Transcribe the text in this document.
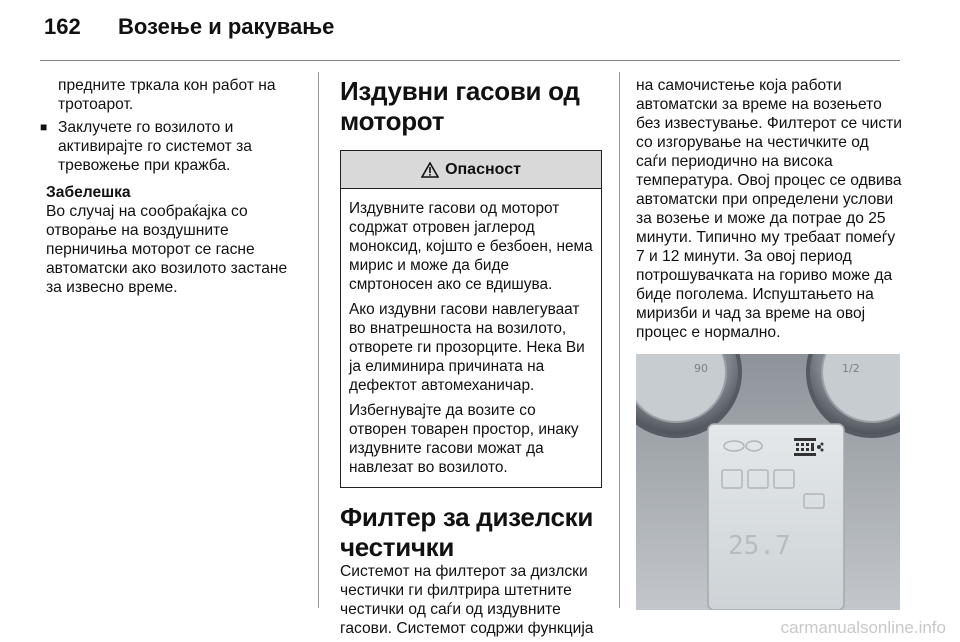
162 Возење и ракување

предните тркала кон работ на тротоарот.

■ Заклучете го возилото и активирајте го системот за тревожење при кражба.

Забелешка

Во случај на сообраќајка со отворање на воздушните перничиња моторот се гасне автоматски ако возилото застане за извесно време.

Издувни гасови од моторот
Опасност

Издувните гасови од моторот содржат отровен јаглерод моноксид, којшто е безбоен, нема мирис и може да биде смртоносен ако се вдишува.

Ако издувни гасови навлегуваат во внатрешноста на возилото, отворете ги прозорците. Нека Ви ја елиминира причината на дефектот автомеханичар.

Избегнувајте да возите со отворен товарен простор, инаку издувните гасови можат да навлезат во возилото.

Филтер за дизелски честички

Системот на филтерот за дизлски честички ги филтрира штетните честички од саѓи од издувните гасови. Системот содржи функција

на самочистење која работи автоматски за време на возењето без известување. Филтерот се чисти со изгорување на честичките од саѓи периодично на висока температура. Овој процес се одвива автоматски при определени услови за возење и може да потрае до 25 минути. Типично му требаат помеѓу 7 и 12 минути. За овој период потрошувачката на гориво може да биде поголема. Испуштањето на миризби и чад за време на овој процес е нормално.

90	1/2
25.7
carmanualsonline.info
